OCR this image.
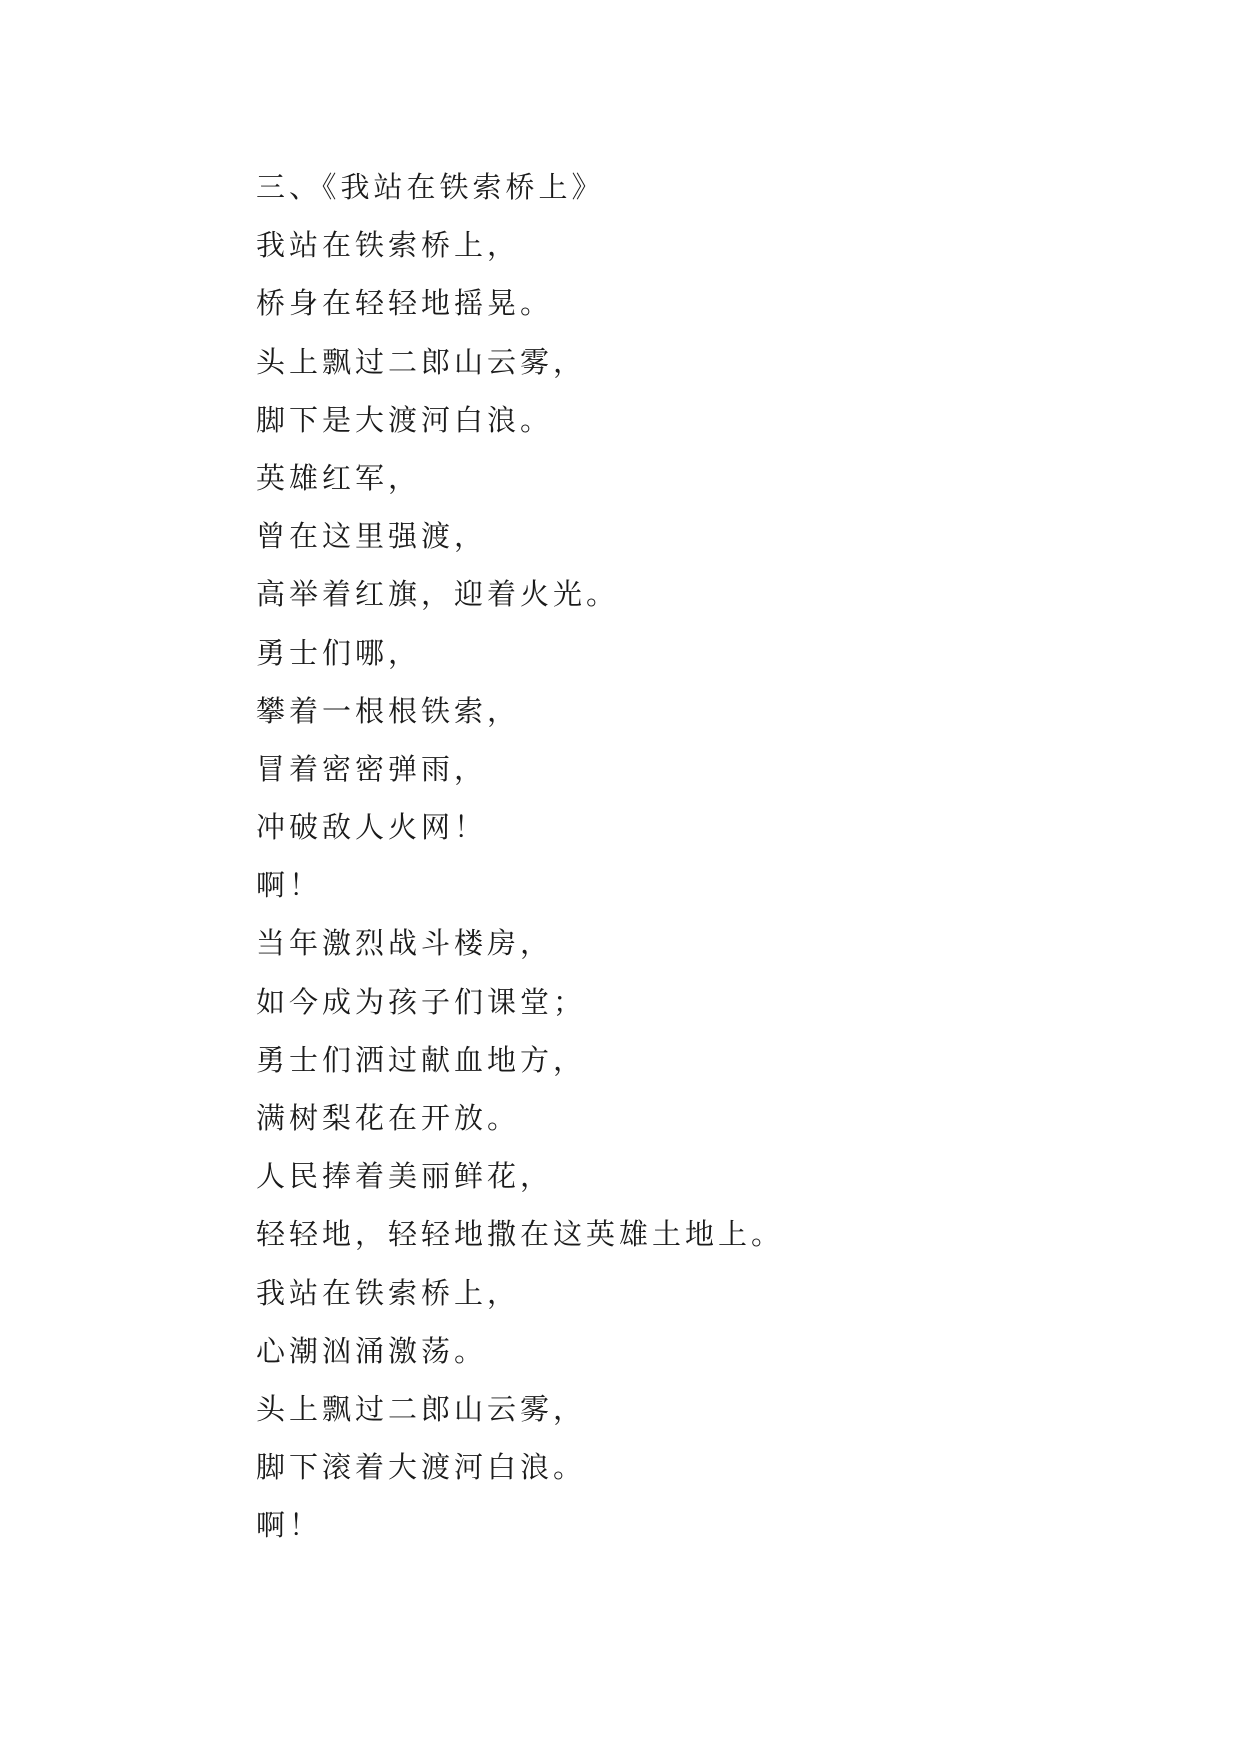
三、《我站在铁索桥上》

我站在铁索桥上，

桥身在轻轻地摇晃。

头上飘过二郎山云雾，

脚下是大渡河白浪。

英雄红军，

曾在这里强渡，

高举着红旗，迎着火光。

勇士们哪，

攀着一根根铁索，

冒着密密弹雨，

冲破敌人火网！

啊！

当年激烈战斗楼房，

如今成为孩子们课堂；

勇士们洒过献血地方，

满树梨花在开放。

人民捧着美丽鲜花，

轻轻地，轻轻地撒在这英雄土地上。

我站在铁索桥上，

心潮汹涌激荡。

头上飘过二郎山云雾，

脚下滚着大渡河白浪。

啊！
